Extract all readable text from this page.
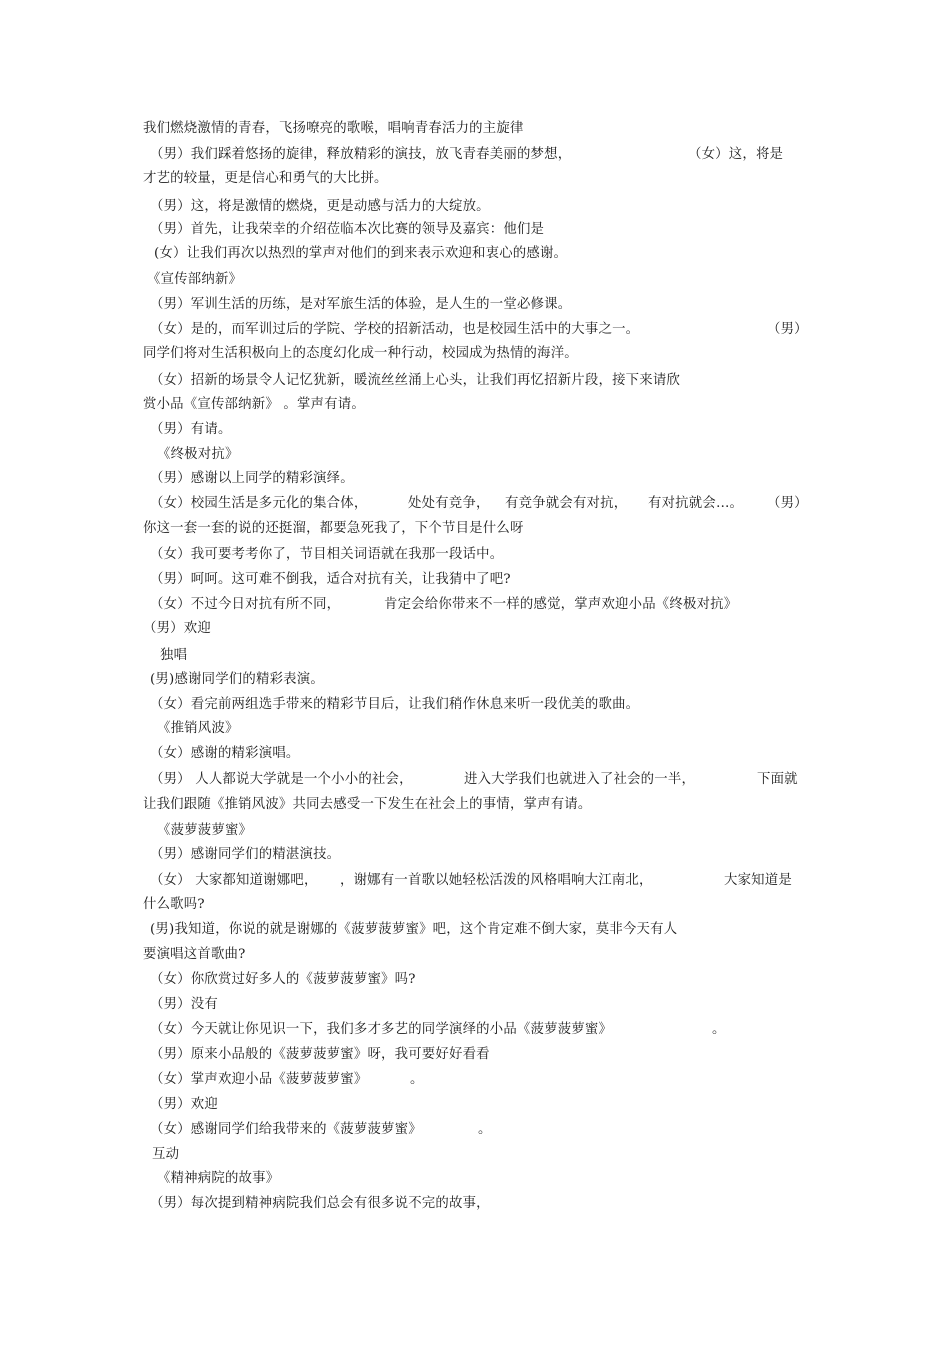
我们燃烧激情的青春，飞扬嘹亮的歌喉，唱响青春活力的主旋律
（男）我们踩着悠扬的旋律，释放精彩的演技，放飞青春美丽的梦想，	（女）这，将是
才艺的较量，更是信心和勇气的大比拼。
（男）这，将是激情的燃烧，更是动感与活力的大绽放。
（男）首先，让我荣幸的介绍莅临本次比赛的领导及嘉宾：他们是
(女）让我们再次以热烈的掌声对他们的到来表示欢迎和衷心的感谢。
《宣传部纳新》
（男）军训生活的历练，是对军旅生活的体验，是人生的一堂必修课。
（女）是的，而军训过后的学院、学校的招新活动，也是校园生活中的大事之一。	（男）
同学们将对生活积极向上的态度幻化成一种行动，校园成为热情的海洋。
（女）招新的场景令人记忆犹新，暖流丝丝涌上心头，让我们再忆招新片段，接下来请欣
赏小品《宣传部纳新》 。掌声有请。
（男）有请。
《终极对抗》
（男）感谢以上同学的精彩演绎。
（女）校园生活是多元化的集合体，	处处有竞争， 有竞争就会有对抗， 有对抗就会…。 （男）
你这一套一套的说的还挺溜，都要急死我了，下个节目是什么呀
（女）我可要考考你了，节目相关词语就在我那一段话中。
（男）呵呵。这可难不倒我，适合对抗有关，让我猜中了吧?
（女）不过今日对抗有所不同，	肯定会给你带来不一样的感觉，掌声欢迎小品《终极对抗》
（男）欢迎
独唱
(男)感谢同学们的精彩表演。
（女）看完前两组选手带来的精彩节目后，让我们稍作休息来听一段优美的歌曲。
《推销风波》
（女）感谢的精彩演唱。
（男） 人人都说大学就是一个小小的社会，	进入大学我们也就进入了社会的一半，	下面就
让我们跟随《推销风波》共同去感受一下发生在社会上的事情，掌声有请。
《菠萝菠萝蜜》
（男）感谢同学们的精湛演技。
（女） 大家都知道谢娜吧， ，谢娜有一首歌以她轻松活泼的风格唱响大江南北，	大家知道是
什么歌吗?
(男)我知道，你说的就是谢娜的《菠萝菠萝蜜》吧，这个肯定难不倒大家，莫非今天有人
要演唱这首歌曲?
（女）你欣赏过好多人的《菠萝菠萝蜜》吗?
（男）没有
（女）今天就让你见识一下，我们多才多艺的同学演绎的小品《菠萝菠萝蜜》	。
（男）原来小品般的《菠萝菠萝蜜》呀，我可要好好看看
（女）掌声欢迎小品《菠萝菠萝蜜》	。
（男）欢迎
（女）感谢同学们给我带来的《菠萝菠萝蜜》	。
互动
《精神病院的故事》
（男）每次提到精神病院我们总会有很多说不完的故事，
